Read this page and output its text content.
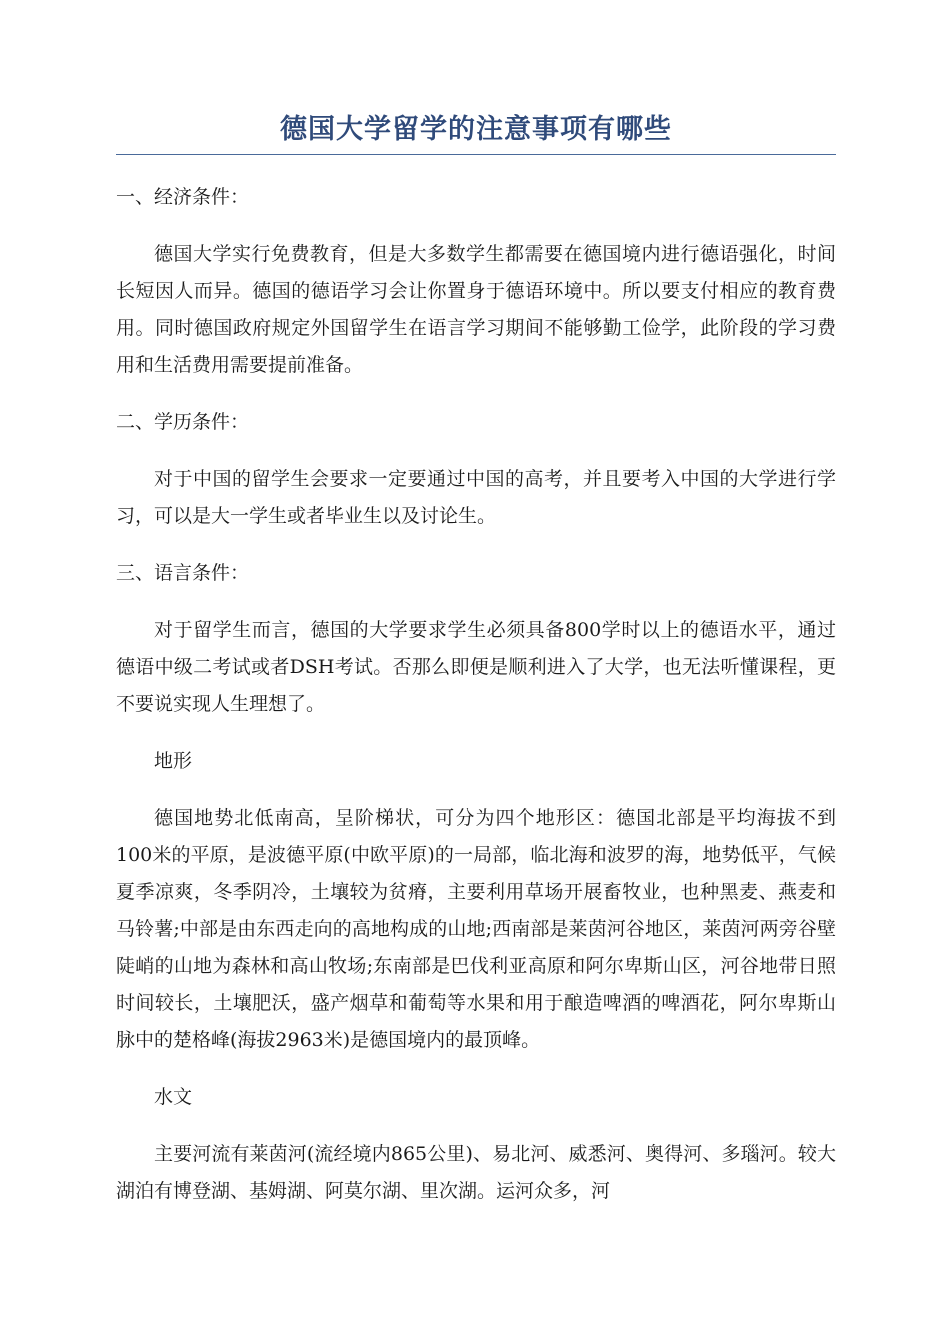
德国大学留学的注意事项有哪些

一、经济条件：

德国大学实行免费教育，但是大多数学生都需要在德国境内进行德语强化，时间长短因人而异。德国的德语学习会让你置身于德语环境中。所以要支付相应的教育费用。同时德国政府规定外国留学生在语言学习期间不能够勤工俭学，此阶段的学习费用和生活费用需要提前准备。

二、学历条件：

对于中国的留学生会要求一定要通过中国的高考，并且要考入中国的大学进行学习，可以是大一学生或者毕业生以及讨论生。

三、语言条件：

对于留学生而言，德国的大学要求学生必须具备800学时以上的德语水平，通过德语中级二考试或者DSH考试。否那么即便是顺利进入了大学，也无法听懂课程，更不要说实现人生理想了。

地形

德国地势北低南高，呈阶梯状，可分为四个地形区：德国北部是平均海拔不到100米的平原，是波德平原(中欧平原)的一局部，临北海和波罗的海，地势低平，气候夏季凉爽，冬季阴冷，土壤较为贫瘠，主要利用草场开展畜牧业，也种黑麦、燕麦和马铃薯;中部是由东西走向的高地构成的山地;西南部是莱茵河谷地区，莱茵河两旁谷壁陡峭的山地为森林和高山牧场;东南部是巴伐利亚高原和阿尔卑斯山区，河谷地带日照时间较长，土壤肥沃，盛产烟草和葡萄等水果和用于酿造啤酒的啤酒花，阿尔卑斯山脉中的楚格峰(海拔2963米)是德国境内的最顶峰。

水文

主要河流有莱茵河(流经境内865公里)、易北河、威悉河、奥得河、多瑙河。较大湖泊有博登湖、基姆湖、阿莫尔湖、里次湖。运河众多，河
